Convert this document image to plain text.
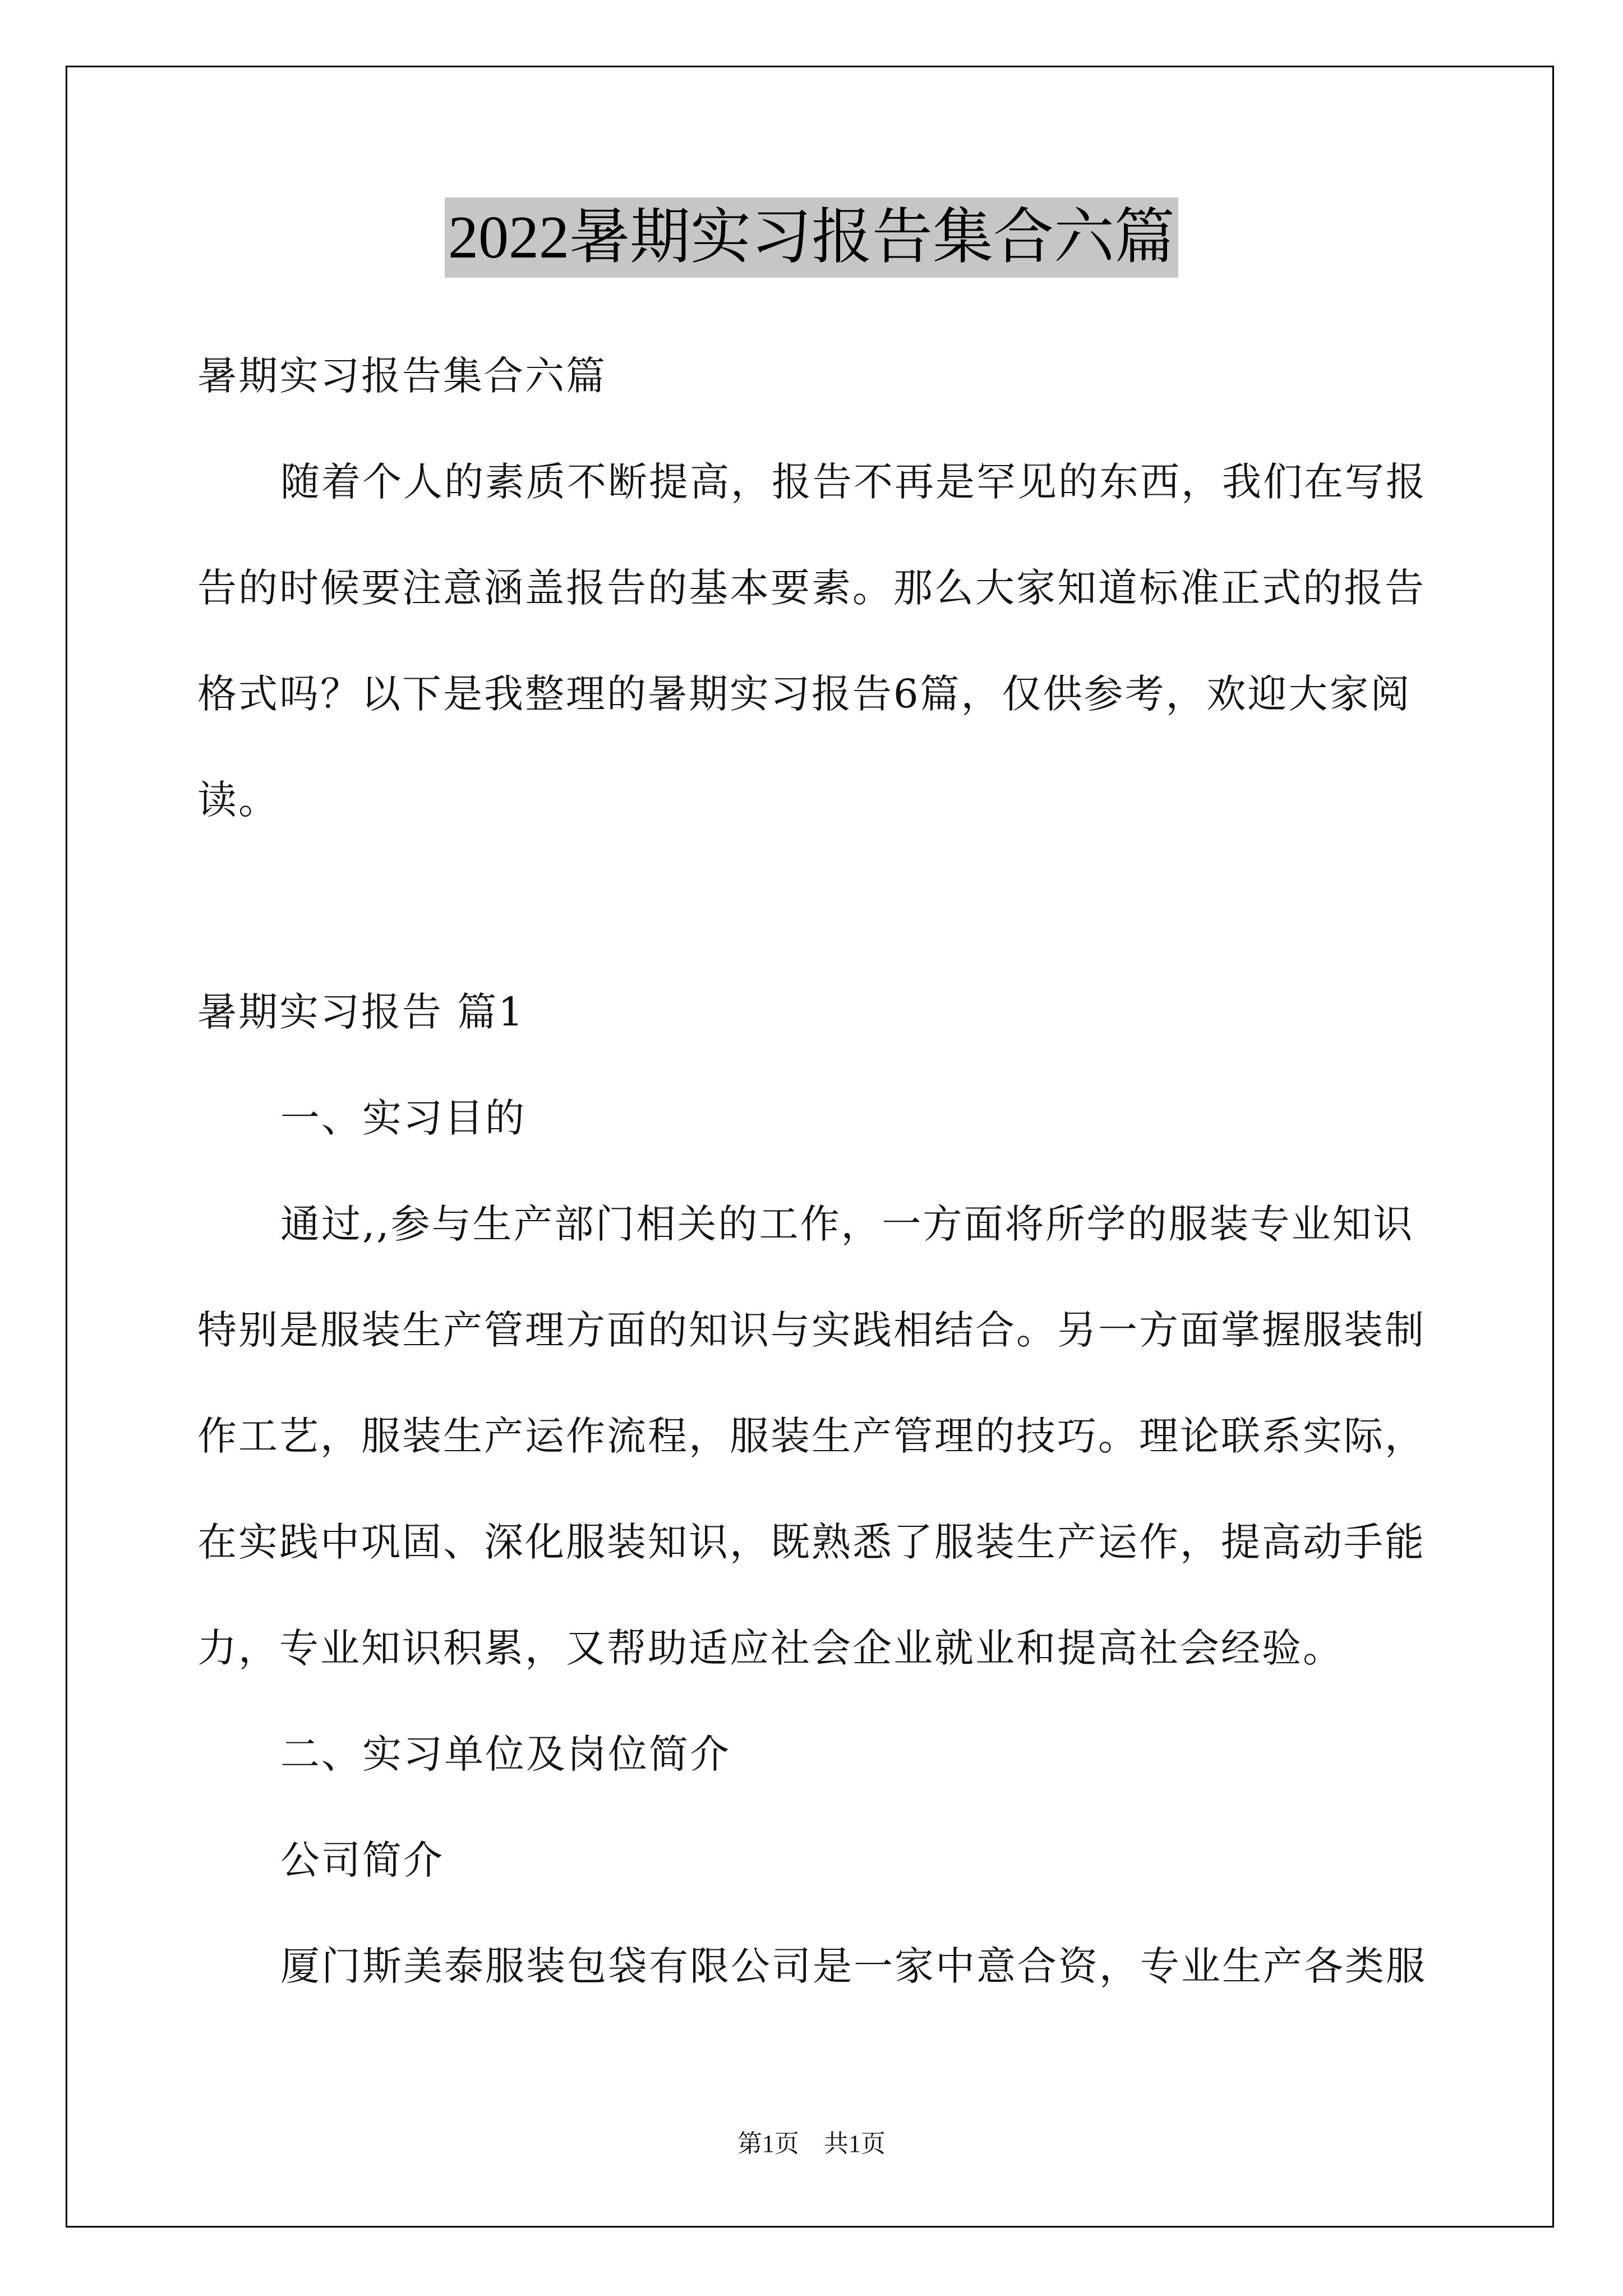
2022暑期实习报告集合六篇
暑期实习报告集合六篇
随着个人的素质不断提高，报告不再是罕见的东西，我们在写报
告的时候要注意涵盖报告的基本要素。那么大家知道标准正式的报告
格式吗？以下是我整理的暑期实习报告6篇，仅供参考，欢迎大家阅
读。
暑期实习报告 篇1
一、实习目的
通过,,参与生产部门相关的工作，一方面将所学的服装专业知识
特别是服装生产管理方面的知识与实践相结合。另一方面掌握服装制
作工艺，服装生产运作流程，服装生产管理的技巧。理论联系实际，
在实践中巩固、深化服装知识，既熟悉了服装生产运作，提高动手能
力，专业知识积累，又帮助适应社会企业就业和提高社会经验。
二、实习单位及岗位简介
公司简介
厦门斯美泰服装包袋有限公司是一家中意合资，专业生产各类服
第1页　共1页
